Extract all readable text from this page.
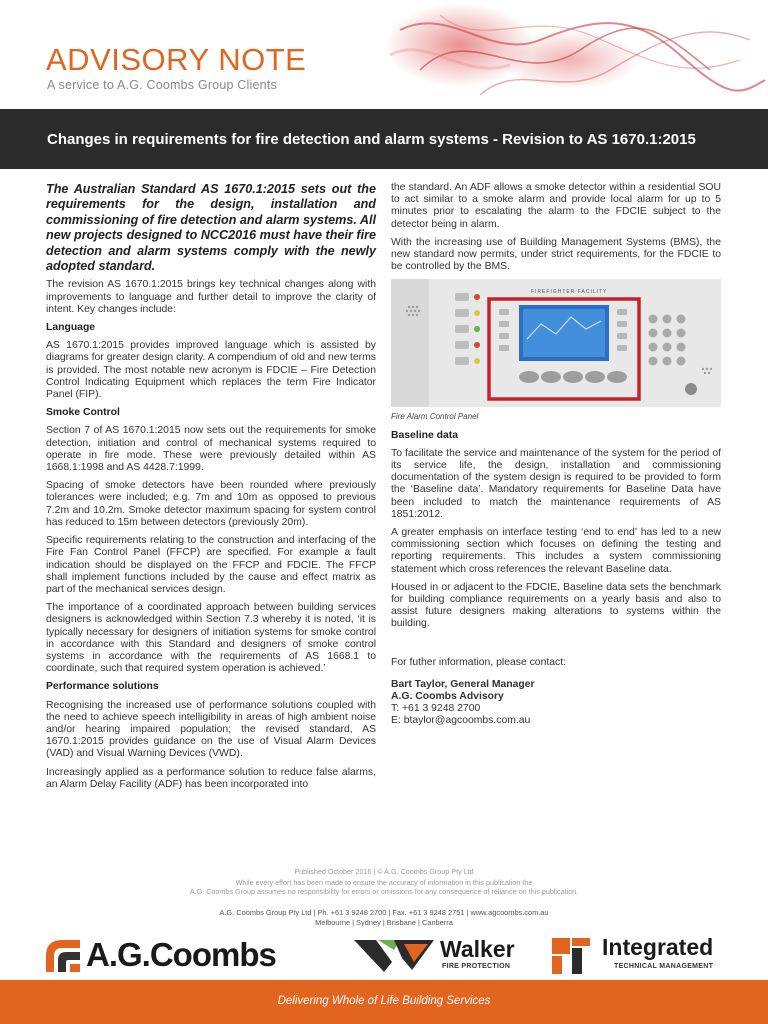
ADVISORY NOTE
A service to A.G. Coombs Group Clients
Changes in requirements for fire detection and alarm systems - Revision to AS 1670.1:2015

The Australian Standard AS 1670.1:2015 sets out the requirements for the design, installation and commissioning of fire detection and alarm systems. All new projects designed to NCC2016 must have their fire detection and alarm systems comply with the newly adopted standard.

The revision AS 1670.1:2015 brings key technical changes along with improvements to language and further detail to improve the clarity of intent. Key changes include:

Language

AS 1670.1:2015 provides improved language which is assisted by diagrams for greater design clarity. A compendium of old and new terms is provided. The most notable new acronym is FDCIE – Fire Detection Control Indicating Equipment which replaces the term Fire Indicator Panel (FIP).

Smoke Control

Section 7 of AS 1670.1:2015 now sets out the requirements for smoke detection, initiation and control of mechanical systems required to operate in fire mode. These were previously detailed within AS 1668.1:1998 and AS 4428.7:1999.

Spacing of smoke detectors have been rounded where previously tolerances were included; e.g. 7m and 10m as opposed to previous 7.2m and 10.2m. Smoke detector maximum spacing for system control has reduced to 15m between detectors (previously 20m).

Specific requirements relating to the construction and interfacing of the Fire Fan Control Panel (FFCP) are specified. For example a fault indication should be displayed on the FFCP and FDCIE. The FFCP shall implement functions included by the cause and effect matrix as part of the mechanical services design.

The importance of a coordinated approach between building services designers is acknowledged within Section 7.3 whereby it is noted, ‘it is typically necessary for designers of initiation systems for smoke control in accordance with this Standard and designers of smoke control systems in accordance with the requirements of AS 1668.1 to coordinate, such that required system operation is achieved.’

Performance solutions

Recognising the increased use of performance solutions coupled with the need to achieve speech intelligibility in areas of high ambient noise and/or hearing impaired population; the revised standard, AS 1670.1:2015 provides guidance on the use of Visual Alarm Devices (VAD) and Visual Warning Devices (VWD).

Increasingly applied as a performance solution to reduce false alarms, an Alarm Delay Facility (ADF) has been incorporated into

the standard. An ADF allows a smoke detector within a residential SOU to act similar to a smoke alarm and provide local alarm for up to 5 minutes prior to escalating the alarm to the FDCIE subject to the detector being in alarm.

With the increasing use of Building Management Systems (BMS), the new standard now permits, under strict requirements, for the FDCIE to be controlled by the BMS.

FIREFIGHTER FACILITY

Fire Alarm Control Panel

Baseline data

To facilitate the service and maintenance of the system for the period of its service life, the design, installation and commissioning documentation of the system design is required to be provided to form the ‘Baseline data’. Mandatory requirements for Baseline Data have been included to match the maintenance requirements of AS 1851:2012.

A greater emphasis on interface testing ‘end to end’ has led to a new commissioning section which focuses on defining the testing and reporting requirements. This includes a system commissioning statement which cross references the relevant Baseline data.

Housed in or adjacent to the FDCIE, Baseline data sets the benchmark for building compliance requirements on a yearly basis and also to assist future designers making alterations to systems within the building.

For futher information, please contact:

Bart Taylor, General Manager

A.G. Coombs Advisory

T: +61 3 9248 2700

E: btaylor@agcoombs.com.au

Published October 2016 | © A.G. Coombs Group Pty Ltd
While every effort has been made to ensure the accuracy of information in this publication the
A.G. Coombs Group assumes no responsibility for errors or omissions for any consequence of reliance on this publication.
A.G. Coombs Group Pty Ltd | Ph. +61 3 9248 2700 | Fax. +61 3 9248 2751 | www.agcoombs.com.au
Melbourne | Sydney | Brisbane | Canberra
A.G.Coombs	Walker
FIRE PROTECTION
Integrated
TECHNICAL MANAGEMENT
Delivering Whole of Life Building Services
